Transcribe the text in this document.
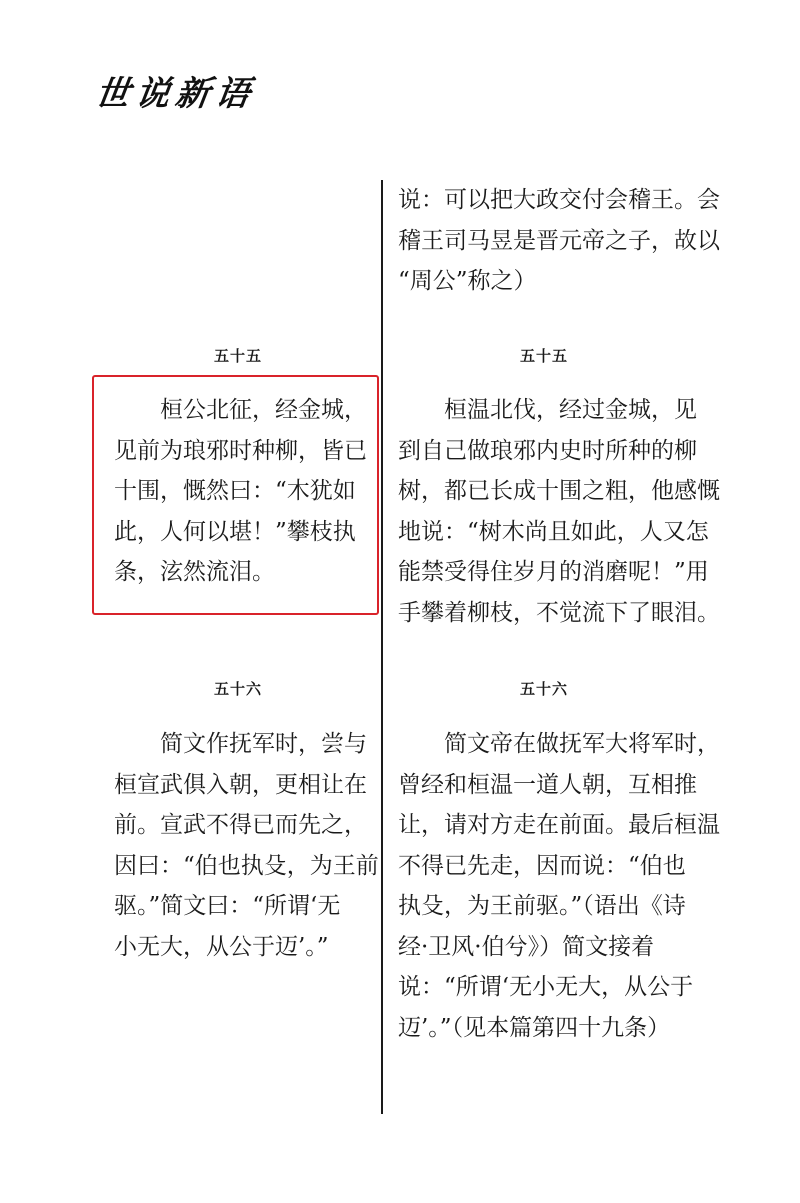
世说新语
五十五

　　桓公北征，经金城，
见前为琅邪时种柳，皆已
十围，慨然曰：“木犹如
此，人何以堪！”攀枝执
条，泫然流泪。

五十六

　　简文作抚军时，尝与
桓宣武俱入朝，更相让在
前。宣武不得已而先之，
因曰：“伯也执殳，为王前
驱。”简文曰：“所谓‘无
小无大，从公于迈’。”

说：可以把大政交付会稽王。会
稽王司马昱是晋元帝之子，故以
“周公”称之）

五十五

　　桓温北伐，经过金城，见
到自己做琅邪内史时所种的柳
树，都已长成十围之粗，他感慨
地说：“树木尚且如此，人又怎
能禁受得住岁月的消磨呢！”用
手攀着柳枝，不觉流下了眼泪。

五十六

　　简文帝在做抚军大将军时，
曾经和桓温一道人朝，互相推
让，请对方走在前面。最后桓温
不得已先走，因而说：“伯也
执殳，为王前驱。”（语出《诗
经·卫风·伯兮》）简文接着
说：“所谓‘无小无大，从公于
迈’。”（见本篇第四十九条）
